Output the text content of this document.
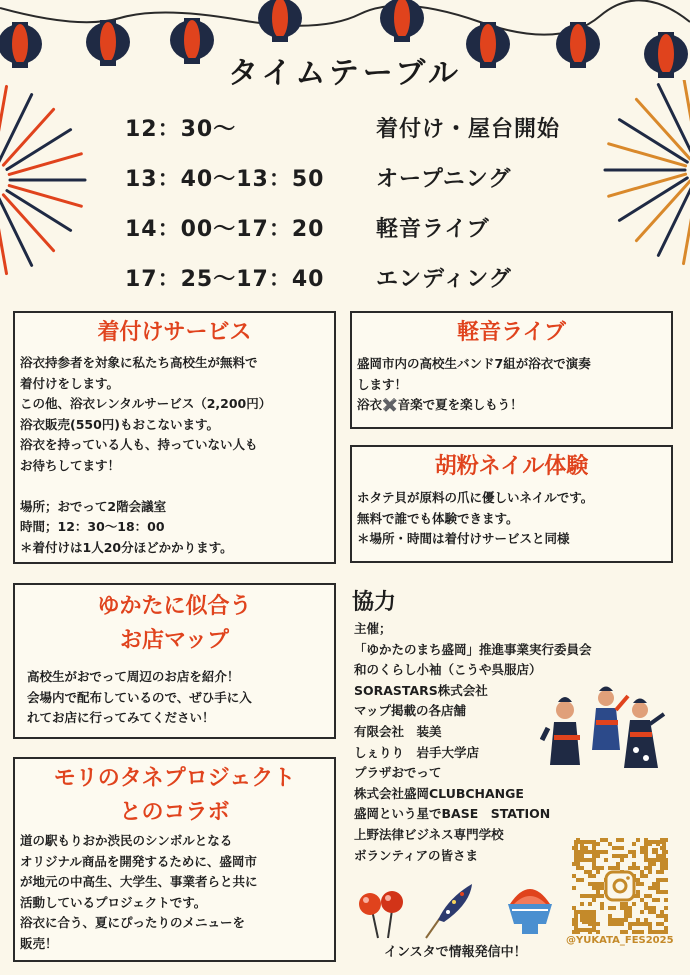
タイムテーブル
12：30〜	着付け・屋台開始
13：40〜13：50 オープニング
14：00〜17：20 軽音ライブ
17：25〜17：40 エンディング
着付けサービス
浴衣持参者を対象に私たち高校生が無料で
着付けをします。
この他、浴衣レンタルサービス（2,200円）
浴衣販売(550円)もおこないます。
浴衣を持っている人も、持っていない人も
お待ちしてます！
場所；おでって2階会議室
時間；12：30〜18：00
＊着付けは1人20分ほどかかります。
軽音ライブ
盛岡市内の高校生バンド7組が浴衣で演奏
します！
浴衣✖️音楽で夏を楽しもう！
胡粉ネイル体験
ホタテ貝が原料の爪に優しいネイルです。
無料で誰でも体験できます。
＊場所・時間は着付けサービスと同様
ゆかたに似合う
お店マップ
高校生がおでって周辺のお店を紹介！
会場内で配布しているので、ぜひ手に入
れてお店に行ってみてください！
モリのタネプロジェクト
とのコラボ
道の駅もりおか渋民のシンボルとなる
オリジナル商品を開発するために、盛岡市
が地元の中高生、大学生、事業者らと共に
活動しているプロジェクトです。
浴衣に合う、夏にぴったりのメニューを
販売！
協力
主催；
「ゆかたのまち盛岡」推進事業実行委員会
和のくらし小袖（こうや呉服店）
SORASTARS株式会社
マップ掲載の各店舗
有限会社　装美
しぇりり　岩手大学店
プラザおでって
株式会社盛岡CLUBCHANGE
盛岡という星でBASE　STATION
上野法律ビジネス専門学校
ボランティアの皆さま
インスタで情報発信中！
@YUKATA_FES2025
